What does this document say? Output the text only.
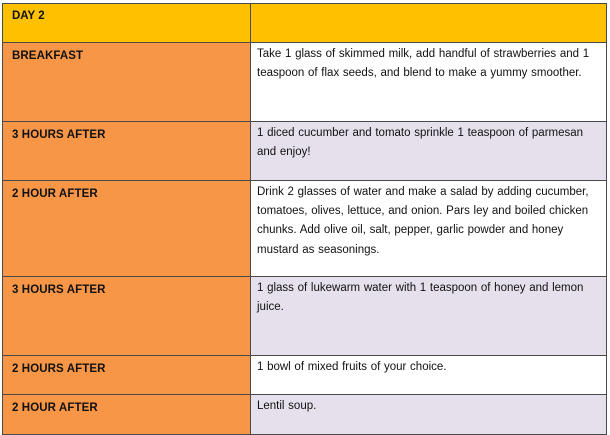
DAY 2	

BREAKFAST	Take 1 glass of skimmed milk, add handful of strawberries and 1 teaspoon of flax seeds, and blend to make a yummy smoother.

3 HOURS AFTER	1 diced cucumber and tomato sprinkle 1 teaspoon of parmesan and enjoy!

2 HOUR AFTER	Drink 2 glasses of water and make a salad by adding cucumber, tomatoes, olives, lettuce, and onion. Pars ley and boiled chicken chunks. Add olive oil, salt, pepper, garlic powder and honey mustard as seasonings.

3 HOURS AFTER	1 glass of lukewarm water with 1 teaspoon of honey and lemon juice.

2 HOURS AFTER	1 bowl of mixed fruits of your choice.

2 HOUR AFTER	Lentil soup.
